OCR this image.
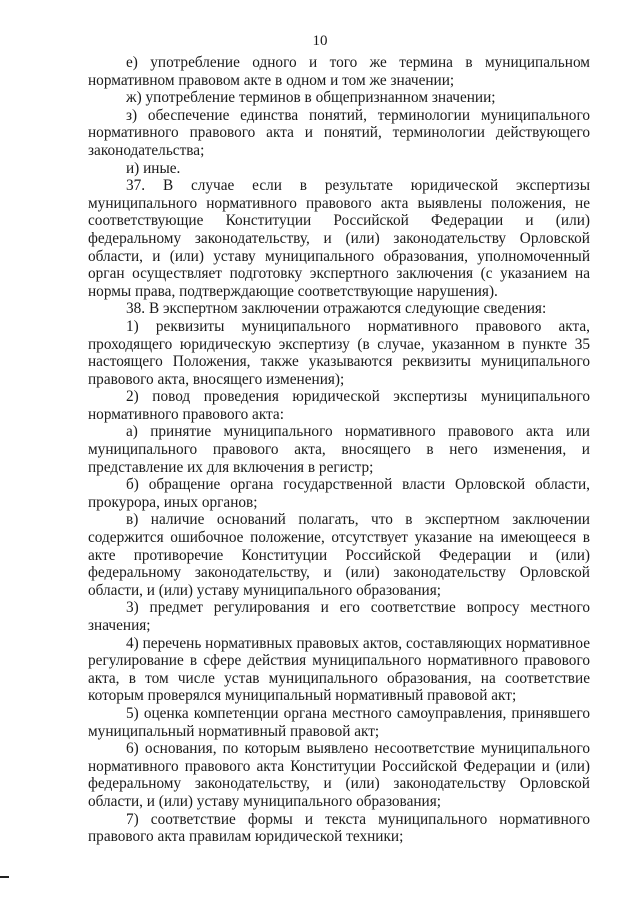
10

е) употребление одного и того же термина в муниципальном нормативном правовом акте в одном и том же значении;

ж) употребление терминов в общепризнанном значении;

з) обеспечение единства понятий, терминологии муниципального нормативного правового акта и понятий, терминологии действующего законодательства;

и) иные.

37. В случае если в результате юридической экспертизы муниципального нормативного правового акта выявлены положения, не соответствующие Конституции Российской Федерации и (или) федеральному законодательству, и (или) законодательству Орловской области, и (или) уставу муниципального образования, уполномоченный орган осуществляет подготовку экспертного заключения (с указанием на нормы права, подтверждающие соответствующие нарушения).

38. В экспертном заключении отражаются следующие сведения:

1) реквизиты муниципального нормативного правового акта, проходящего юридическую экспертизу (в случае, указанном в пункте 35 настоящего Положения, также указываются реквизиты муниципального правового акта, вносящего изменения);

2) повод проведения юридической экспертизы муниципального нормативного правового акта:

а) принятие муниципального нормативного правового акта или муниципального правового акта, вносящего в него изменения, и представление их для включения в регистр;

б) обращение органа государственной власти Орловской области, прокурора, иных органов;

в) наличие оснований полагать, что в экспертном заключении содержится ошибочное положение, отсутствует указание на имеющееся в акте противоречие Конституции Российской Федерации и (или) федеральному законодательству, и (или) законодательству Орловской области, и (или) уставу муниципального образования;

3) предмет регулирования и его соответствие вопросу местного значения;

4) перечень нормативных правовых актов, составляющих нормативное регулирование в сфере действия муниципального нормативного правового акта, в том числе устав муниципального образования, на соответствие которым проверялся муниципальный нормативный правовой акт;

5) оценка компетенции органа местного самоуправления, принявшего муниципальный нормативный правовой акт;

6) основания, по которым выявлено несоответствие муниципального нормативного правового акта Конституции Российской Федерации и (или) федеральному законодательству, и (или) законодательству Орловской области, и (или) уставу муниципального образования;

7) соответствие формы и текста муниципального нормативного правового акта правилам юридической техники;
